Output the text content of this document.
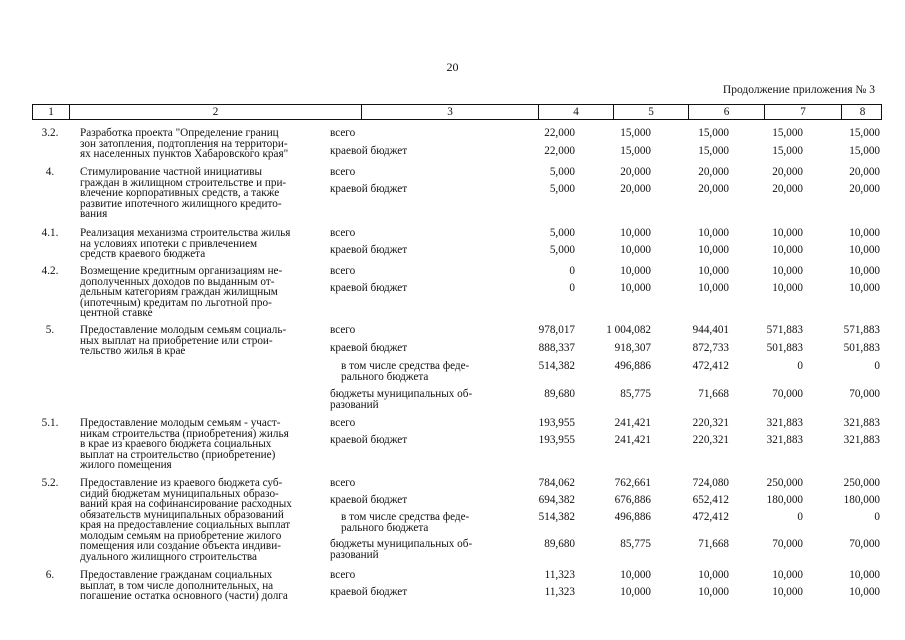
20
Продолжение приложения № 3
1	2	3	4	5	6	7	8
3.2.	Разработка проекта "Определение границ
зон затопления, подтопления на территори-
ях населенных пунктов Хабаровского края"
всего	22,000	15,000	15,000	15,000	15,000
краевой бюджет	22,000	15,000	15,000	15,000	15,000
4.	Стимулирование частной инициативы
граждан в жилищном строительстве и при-
влечение корпоративных средств, а также
развитие ипотечного жилищного кредито-
вания
всего	5,000	20,000	20,000	20,000	20,000
краевой бюджет	5,000	20,000	20,000	20,000	20,000
4.1.	Реализация механизма строительства жилья
на условиях ипотеки с привлечением
средств краевого бюджета
всего	5,000	10,000	10,000	10,000	10,000
краевой бюджет	5,000	10,000	10,000	10,000	10,000
4.2.	Возмещение кредитным организациям не-
дополученных доходов по выданным от-
дельным категориям граждан жилищным
(ипотечным) кредитам по льготной про-
центной ставке
всего	0	10,000	10,000	10,000	10,000
краевой бюджет	0	10,000	10,000	10,000	10,000
5.	Предоставление молодым семьям социаль-
ных выплат на приобретение или строи-
тельство жилья в крае
всего	978,017	1 004,082	944,401	571,883	571,883
краевой бюджет	888,337	918,307	872,733	501,883	501,883
в том числе средства феде-
рального бюджета
514,382	496,886	472,412	0	0
бюджеты муниципальных об-
разований
89,680	85,775	71,668	70,000	70,000
5.1.	Предоставление молодым семьям - участ-
никам строительства (приобретения) жилья
в крае из краевого бюджета социальных
выплат на строительство (приобретение)
жилого помещения
всего	193,955	241,421	220,321	321,883	321,883
краевой бюджет	193,955	241,421	220,321	321,883	321,883
5.2.	Предоставление из краевого бюджета суб-
сидий бюджетам муниципальных образо-
ваний края на софинансирование расходных
обязательств муниципальных образований
края на предоставление социальных выплат
молодым семьям на приобретение жилого
помещения или создание объекта индиви-
дуального жилищного строительства
всего	784,062	762,661	724,080	250,000	250,000
краевой бюджет	694,382	676,886	652,412	180,000	180,000
в том числе средства феде-
рального бюджета
514,382	496,886	472,412	0	0
бюджеты муниципальных об-
разований
89,680	85,775	71,668	70,000	70,000
6.	Предоставление гражданам социальных
выплат, в том числе дополнительных, на
погашение остатка основного (части) долга
всего	11,323	10,000	10,000	10,000	10,000
краевой бюджет	11,323	10,000	10,000	10,000	10,000
